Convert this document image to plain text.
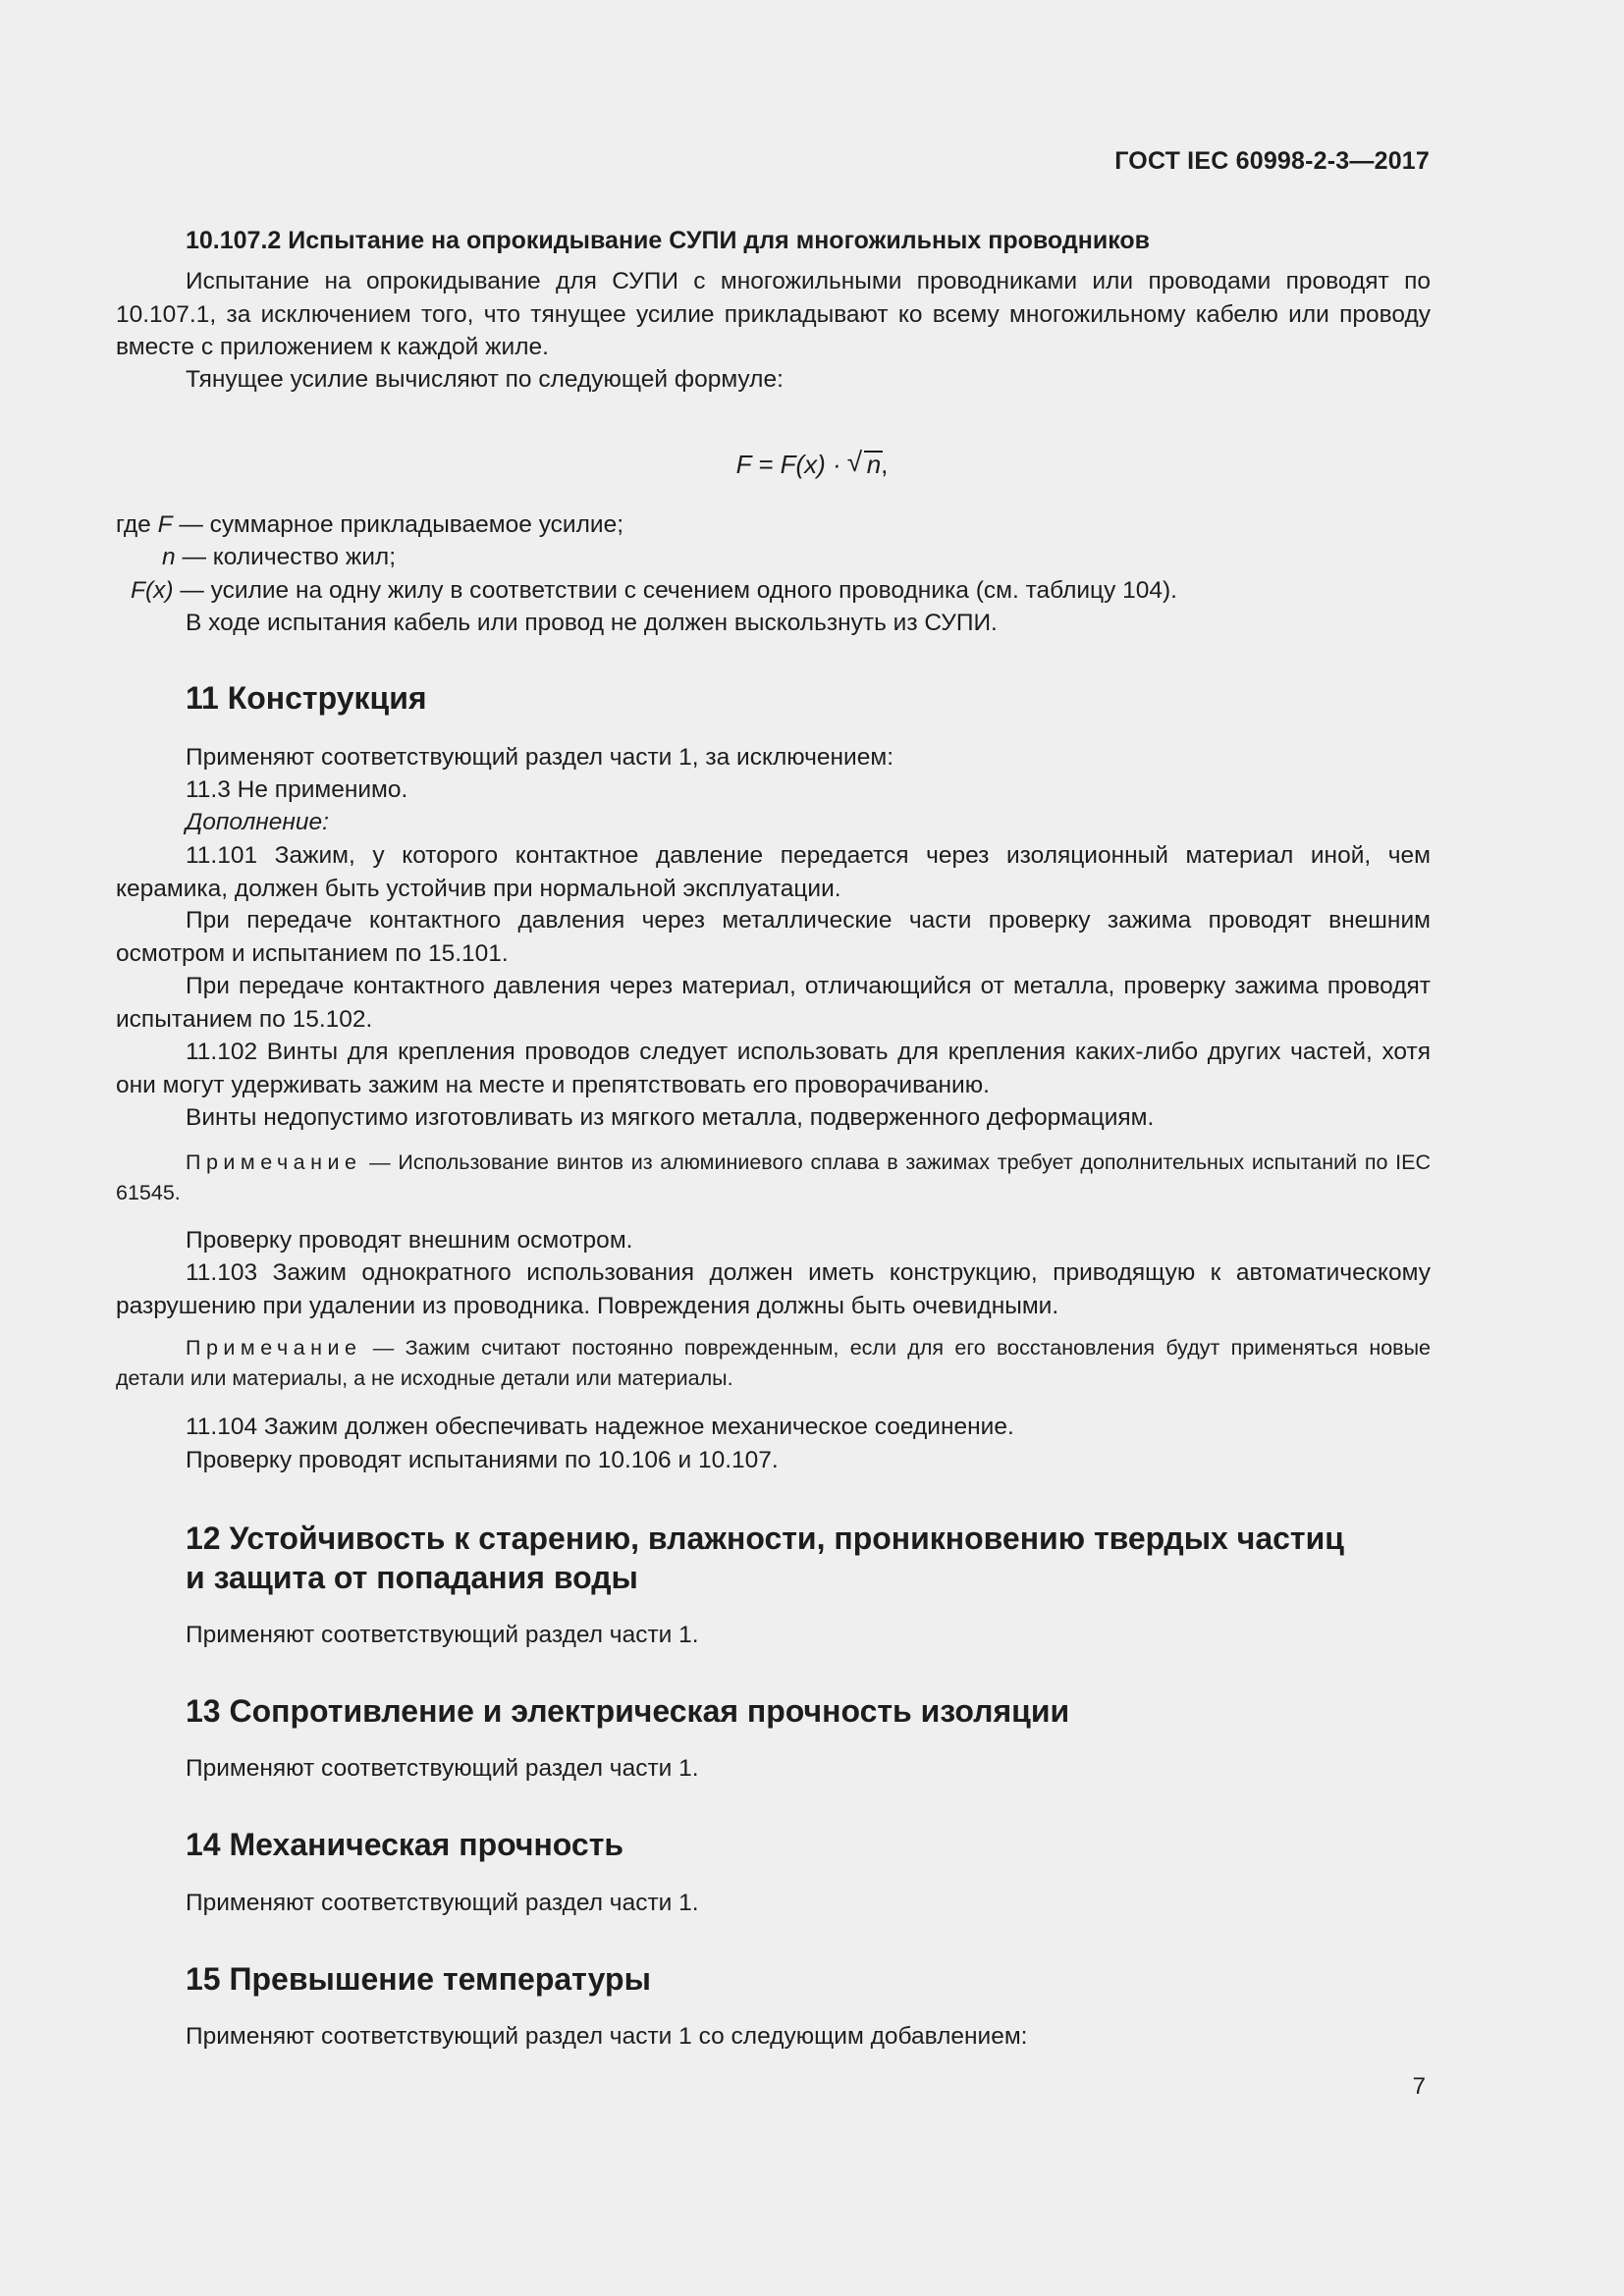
ГОСТ IEC 60998-2-3—2017

10.107.2 Испытание на опрокидывание СУПИ для многожильных проводников

Испытание на опрокидывание для СУПИ с многожильными проводниками или проводами проводят по 10.107.1, за исключением того, что тянущее усилие прикладывают ко всему многожильному кабелю или проводу вместе с приложением к каждой жиле.

Тянущее усилие вычисляют по следующей формуле:

F = F(x) · √ n,

где F — суммарное прикладываемое усилие;

n — количество жил;

F(x) — усилие на одну жилу в соответствии с сечением одного проводника (см. таблицу 104).

В ходе испытания кабель или провод не должен выскользнуть из СУПИ.

11 Конструкция

Применяют соответствующий раздел части 1, за исключением:

11.3 Не применимо.

Дополнение:

11.101 Зажим, у которого контактное давление передается через изоляционный материал иной, чем керамика, должен быть устойчив при нормальной эксплуатации.

При передаче контактного давления через металлические части проверку зажима проводят внешним осмотром и испытанием по 15.101.

При передаче контактного давления через материал, отличающийся от металла, проверку зажима проводят испытанием по 15.102.

11.102 Винты для крепления проводов следует использовать для крепления каких-либо других частей, хотя они могут удерживать зажим на месте и препятствовать его проворачиванию.

Винты недопустимо изготовливать из мягкого металла, подверженного деформациям.

Примечание — Использование винтов из алюминиевого сплава в зажимах требует дополнительных испытаний по IEC 61545.

Проверку проводят внешним осмотром.

11.103 Зажим однократного использования должен иметь конструкцию, приводящую к автоматическому разрушению при удалении из проводника. Повреждения должны быть очевидными.

Примечание — Зажим считают постоянно поврежденным, если для его восстановления будут применяться новые детали или материалы, а не исходные детали или материалы.

11.104 Зажим должен обеспечивать надежное механическое соединение.

Проверку проводят испытаниями по 10.106 и 10.107.

12 Устойчивость к старению, влажности, проникновению твердых частиц

и защита от попадания воды

Применяют соответствующий раздел части 1.

13 Сопротивление и электрическая прочность изоляции

Применяют соответствующий раздел части 1.

14 Механическая прочность

Применяют соответствующий раздел части 1.

15 Превышение температуры

Применяют соответствующий раздел части 1 со следующим добавлением:

7
